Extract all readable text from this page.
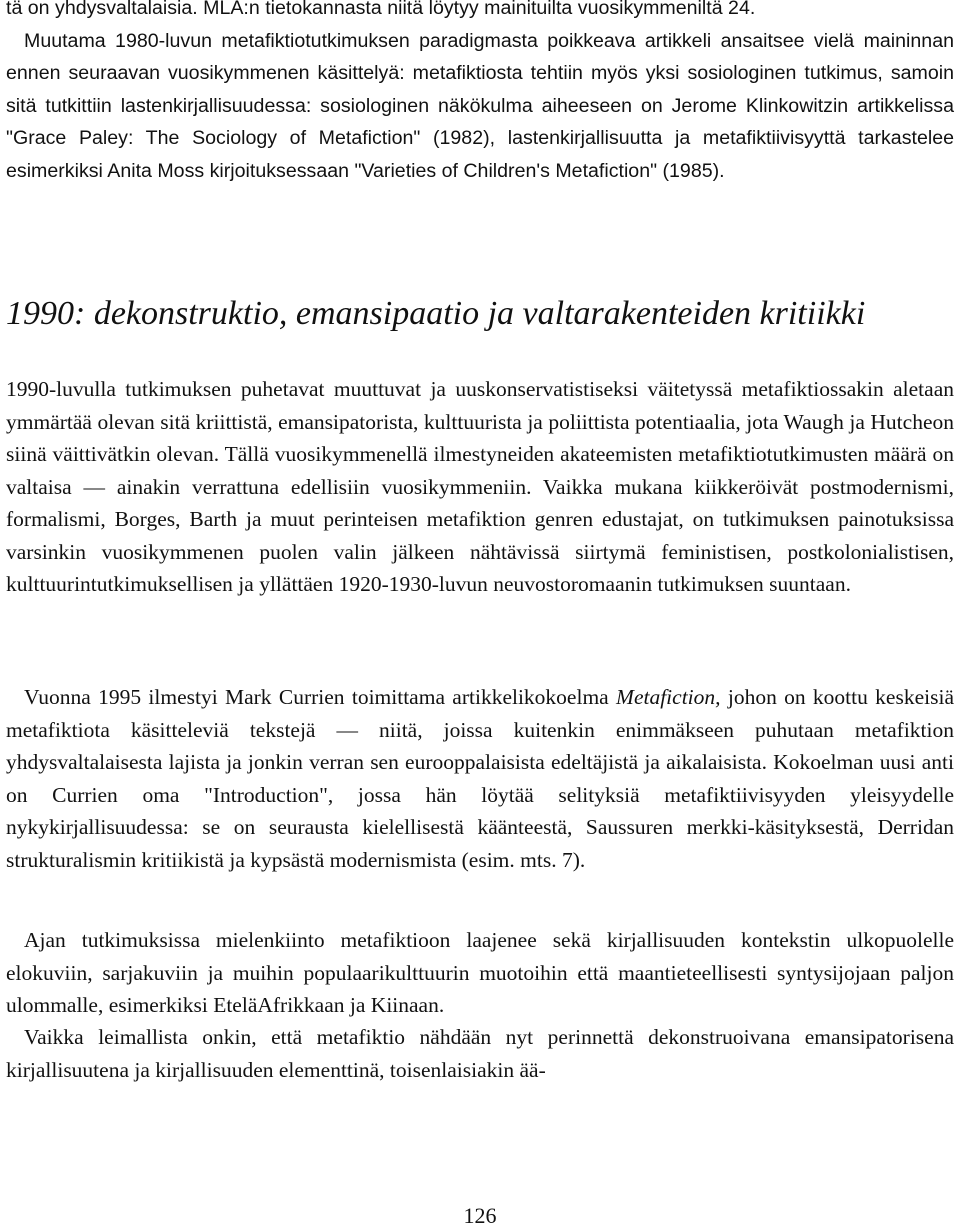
tä on yhdysvaltalaisia. MLA:n tietokannasta niitä löytyy mainituilta vuosikymmeniltä 24.
Muutama 1980-luvun metafiktiotutkimuksen paradigmasta poikkeava artikkeli ansaitsee vielä maininnan ennen seuraavan vuosikymmenen käsittelyä: metafiktiosta tehtiin myös yksi sosiologinen tutkimus, samoin sitä tutkittiin lastenkirjallisuudessa: sosiologinen näkökulma aiheeseen on Jerome Klinkowitzin artikkelissa "Grace Paley: The Sociology of Metafiction" (1982), lastenkirjallisuutta ja metafiktiivisyyttä tarkastelee esimerkiksi Anita Moss kirjoituksessaan "Varieties of Children's Metafiction" (1985).

1990: dekonstruktio, emansipaatio ja valtarakenteiden kritiikki

1990-luvulla tutkimuksen puhetavat muuttuvat ja uuskonservatistiseksi väitetyssä metafiktiossakin aletaan ymmärtää olevan sitä kriittistä, emansipatorista, kulttuurista ja poliittista potentiaalia, jota Waugh ja Hutcheon siinä väittivätkin olevan. Tällä vuosikymmenellä ilmestyneiden akateemisten metafiktiotutkimusten määrä on valtaisa — ainakin verrattuna edellisiin vuosikymmeniin. Vaikka mukana kiikkeröivät postmodernismi, formalismi, Borges, Barth ja muut perinteisen metafiktion genren edustajat, on tutkimuksen painotuksissa varsinkin vuosikymmenen puolen valin jälkeen nähtävissä siirtymä feministisen, postkolonialistisen, kulttuurintutkimuksellisen ja yllättäen 1920-1930-luvun neuvostoromaanin tutkimuksen suuntaan.

Vuonna 1995 ilmestyi Mark Currien toimittama artikkelikokoelma Metafiction, johon on koottu keskeisiä metafiktiota käsitteleviä tekstejä — niitä, joissa kuitenkin enimmäkseen puhutaan metafiktion yhdysvaltalaisesta lajista ja jonkin verran sen eurooppalaisista edeltäjistä ja aikalaisista. Kokoelman uusi anti on Currien oma "Introduction", jossa hän löytää selityksiä metafiktiivisyyden yleisyydelle nykykirjallisuudessa: se on seurausta kielellisestä käänteestä, Saussuren merkki-käsityksestä, Derridan strukturalismin kritiikistä ja kypsästä modernismista (esim. mts. 7).

Ajan tutkimuksissa mielenkiinto metafiktioon laajenee sekä kirjallisuuden kontekstin ulkopuolelle elokuviin, sarjakuviin ja muihin populaarikulttuurin muotoihin että maantieteellisesti syntysijojaan paljon ulommalle, esimerkiksi EteläAfrikkaan ja Kiinaan.

Vaikka leimallista onkin, että metafiktio nähdään nyt perinnettä dekonstruoivana emansipatorisena kirjallisuutena ja kirjallisuuden elementtinä, toisenlaisiakin ää-

126
